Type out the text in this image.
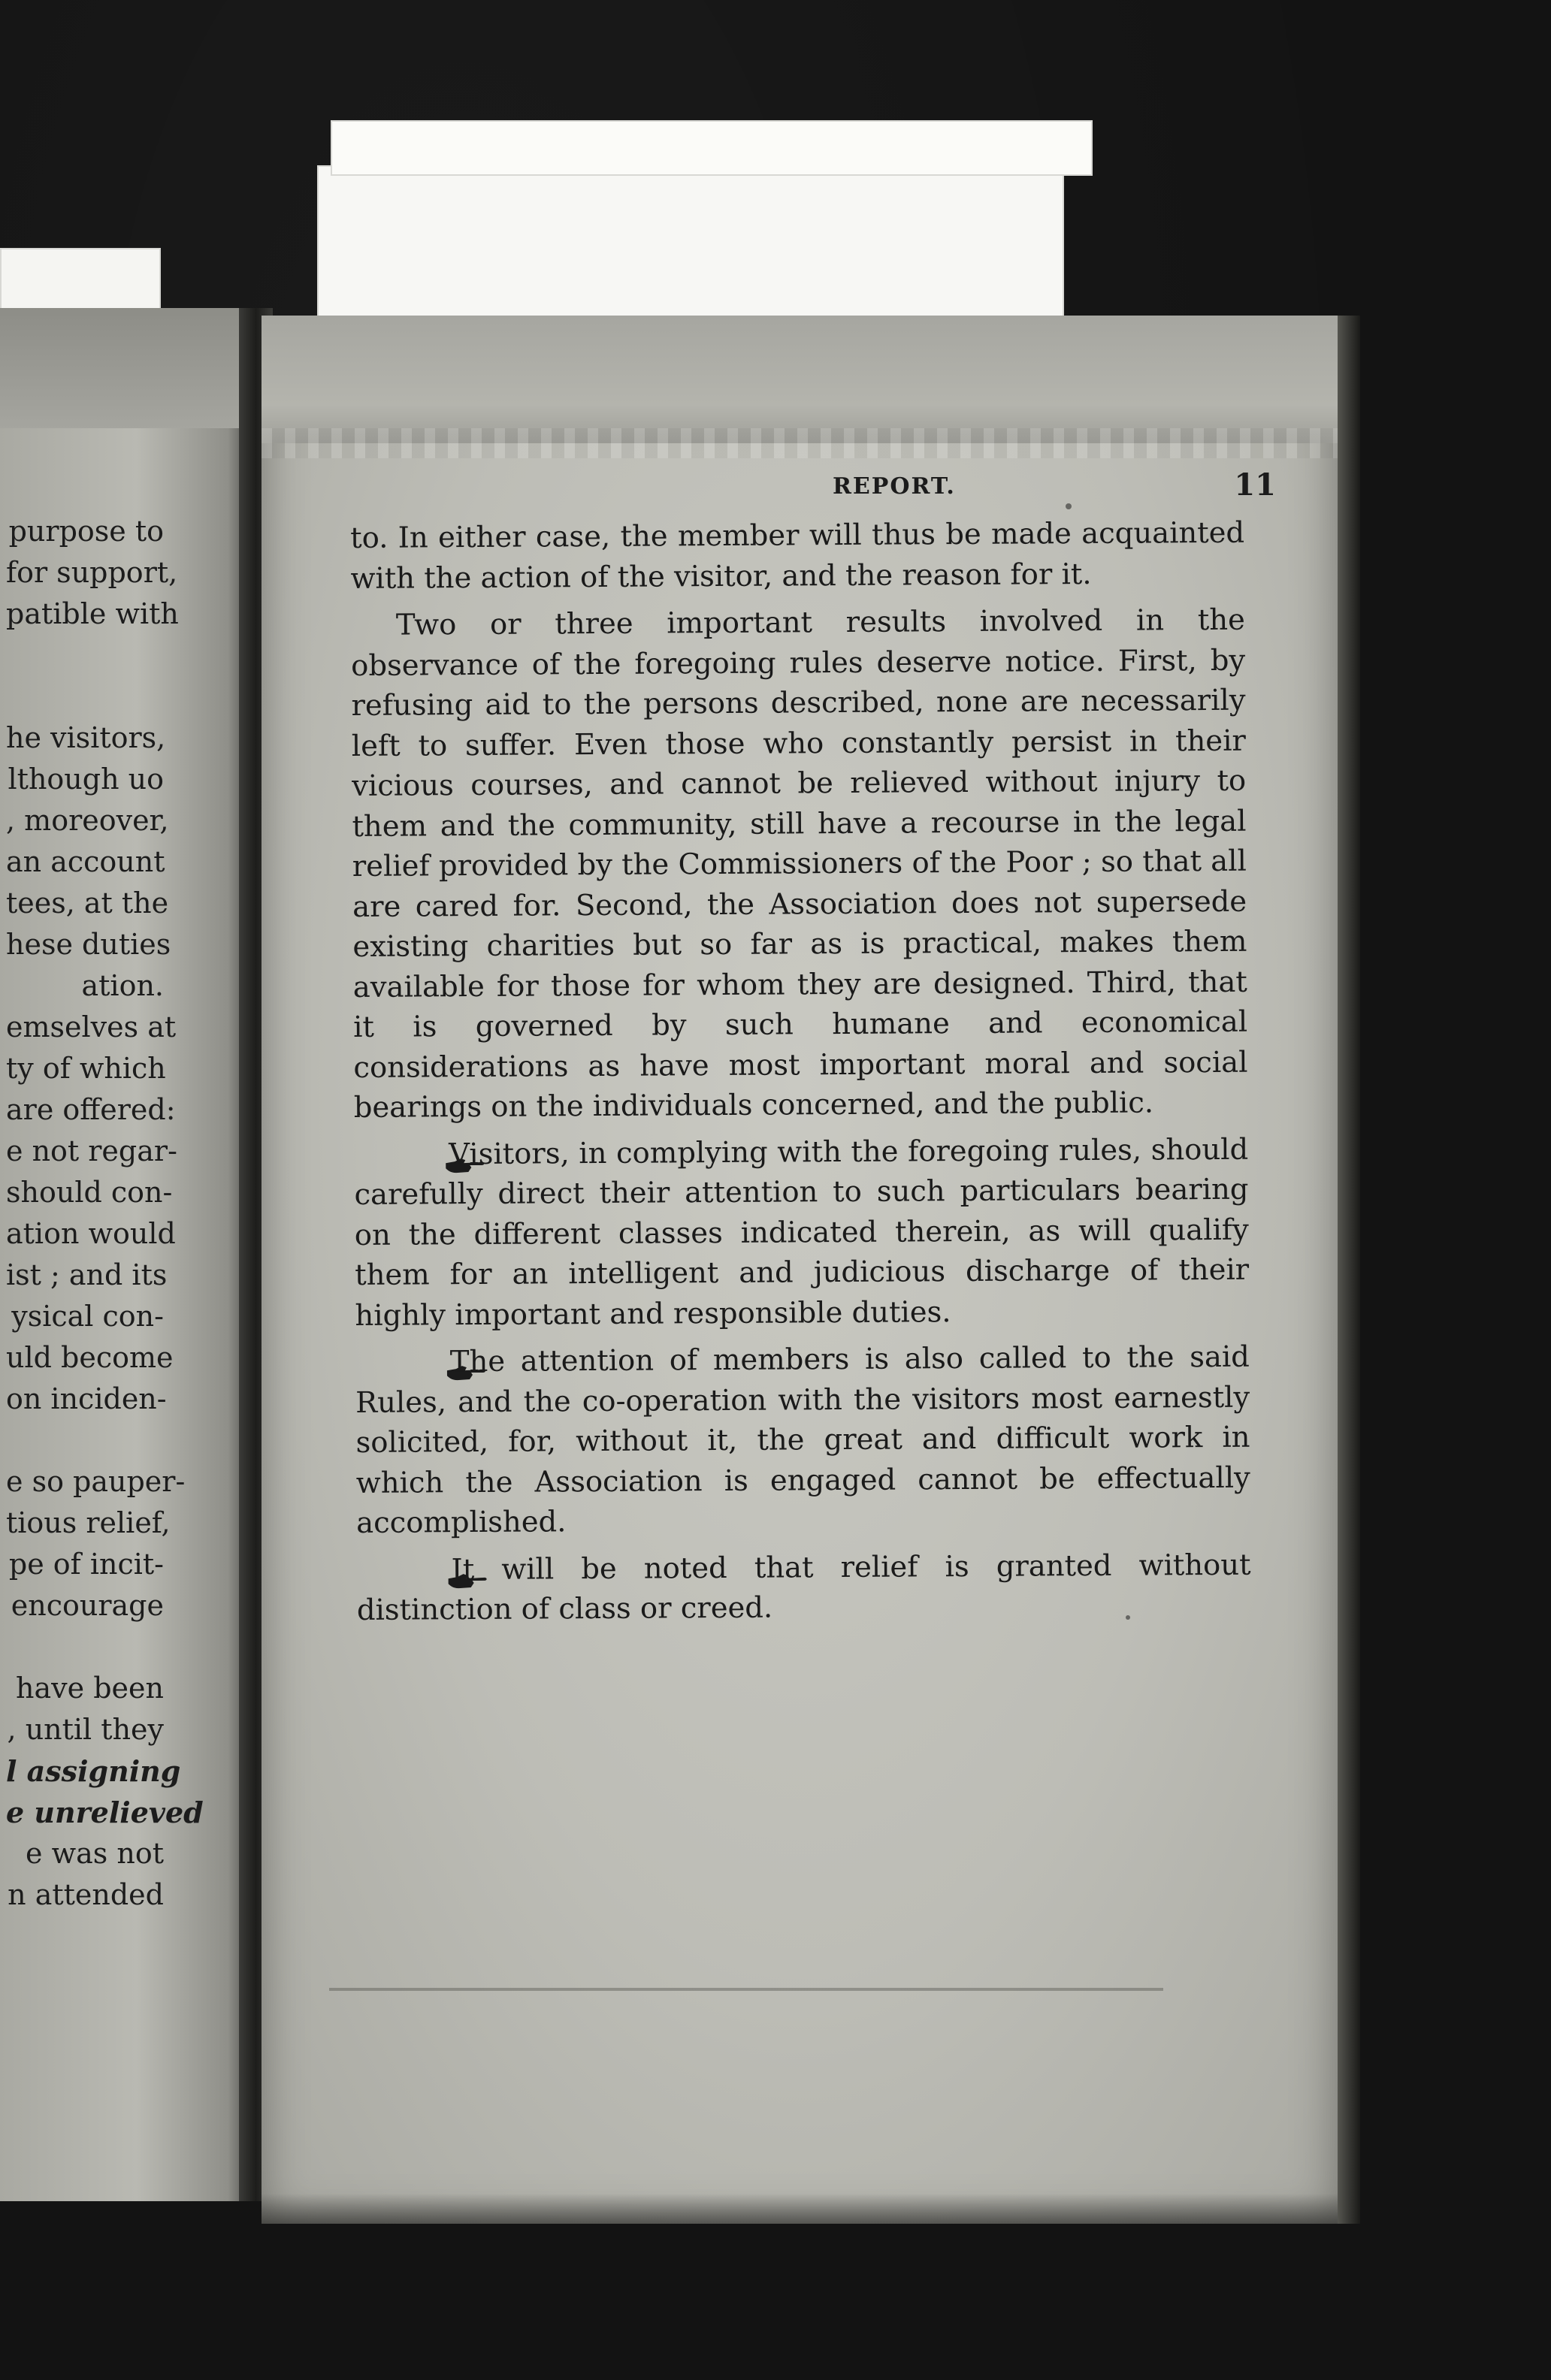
purpose to
for support,
patible with
he visitors,
lthough uo
, moreover,
an account
tees, at the
hese duties
ation.
emselves at
ty of which
are offered:
e not regar-
should con-
ation would
ist ; and its
ysical con-
uld become
on inciden-
e so pauper-
tious relief,
pe of incit-
encourage
have been
, until they
l assigning
e unrelieved
e was not
n attended
REPORT.	11

to. In either case, the member will thus be made acquainted with the action of the visitor, and the reason for it.

Two or three important results involved in the observance of the foregoing rules deserve notice. First, by refusing aid to the persons described, none are necessarily left to suffer. Even those who constantly persist in their vicious courses, and cannot be relieved without injury to them and the community, still have a recourse in the legal relief provided by the Commissioners of the Poor ; so that all are cared for. Second, the Association does not supersede existing charities but so far as is practical, makes them available for those for whom they are designed. Third, that it is governed by such humane and economical considerations as have most important moral and social bearings on the individuals concerned, and the public.

Visitors, in complying with the foregoing rules, should carefully direct their attention to such particulars bearing on the different classes indicated therein, as will qualify them for an intelligent and judicious discharge of their highly important and responsible duties.

The attention of members is also called to the said Rules, and the co-operation with the visitors most earnestly solicited, for, without it, the great and difficult work in which the Association is engaged cannot be effectually accomplished.

It will be noted that relief is granted without distinction of class or creed.
